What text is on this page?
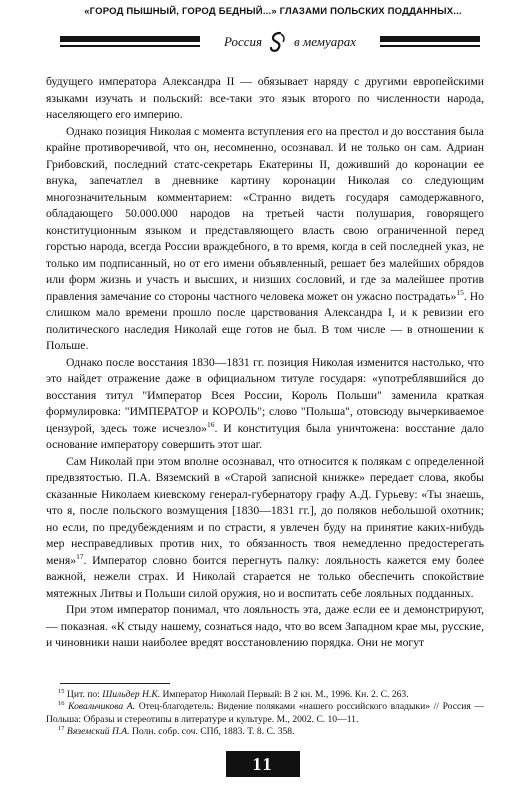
«ГОРОД ПЫШНЫЙ, ГОРОД БЕДНЫЙ...» ГЛАЗАМИ ПОЛЬСКИХ ПОДДАННЫХ...
Россия в мемуарах

будущего императора Александра II — обязывает наряду с другими европейскими языками изучать и польский: все-таки это язык второго по численности народа, населяющего его империю.

Однако позиция Николая с момента вступления его на престол и до восстания была крайне противоречивой, что он, несомненно, осознавал. И не только он сам. Адриан Грибовский, последний статс-секретарь Екатерины II, доживший до коронации ее внука, запечатлел в дневнике картину коронации Николая со следующим многозначительным комментарием: «Странно видеть государя самодержавного, обладающего 50.000.000 народов на третьей части полушария, говорящего конституционным языком и представляющего власть свою ограниченной перед горстью народа, всегда России враждебного, в то время, когда в сей последней указ, не только им подписанный, но от его имени объявленный, решает без малейших обрядов или форм жизнь и участь и высших, и низших сословий, и где за малейшее против правления замечание со стороны частного человека может он ужасно пострадать»$^{15}$. Но слишком мало времени прошло после царствования Александра I, и к ревизии его политического наследия Николай еще готов не был. В том числе — в отношении к Польше.

Однако после восстания 1830—1831 гг. позиция Николая изменится настолько, что это найдет отражение даже в официальном титуле государя: «употреблявшийся до восстания титул "Император Всея России, Король Польши" заменила краткая формулировка: "ИМПЕРАТОР и КОРОЛЬ"; слово "Польша", отовсюду вычеркиваемое цензурой, здесь тоже исчезло»$^{16}$. И конституция была уничтожена: восстание дало основание императору совершить этот шаг.

Сам Николай при этом вполне осознавал, что относится к полякам с определенной предвзятостью. П.А. Вяземский в «Старой записной книжке» передает слова, якобы сказанные Николаем киевскому генерал-губернатору графу А.Д. Гурьеву: «Ты знаешь, что я, после польского возмущения [1830—1831 гг.], до поляков небольшой охотник; но если, по предубеждениям и по страсти, я увлечен буду на принятие каких-нибудь мер несправедливых против них, то обязанность твоя немедленно предостерегать меня»$^{17}$. Император словно боится перегнуть палку: лояльность кажется ему более важной, нежели страх. И Николай старается не только обеспечить спокойствие мятежных Литвы и Польши силой оружия, но и воспитать себе лояльных подданных.

При этом император понимал, что лояльность эта, даже если ее и демонстрируют, — показная. «К стыду нашему, сознаться надо, что во всем Западном крае мы, русские, и чиновники наши наиболее вредят восстановлению порядка. Они не могут

$^{15}$ Цит. по: Шильдер Н.К. Император Николай Первый: В 2 кн. М., 1996. Кн. 2. С. 263.

$^{16}$ Ковальчикова А. Отец-благодетель: Видение поляками «нашего российского владыки» // Россия — Польша: Образы и стереотипы в литературе и культуре. М., 2002. С. 10—11.

$^{17}$ Вяземский П.А. Полн. собр. соч. СПб, 1883. Т. 8. С. 358.

11
